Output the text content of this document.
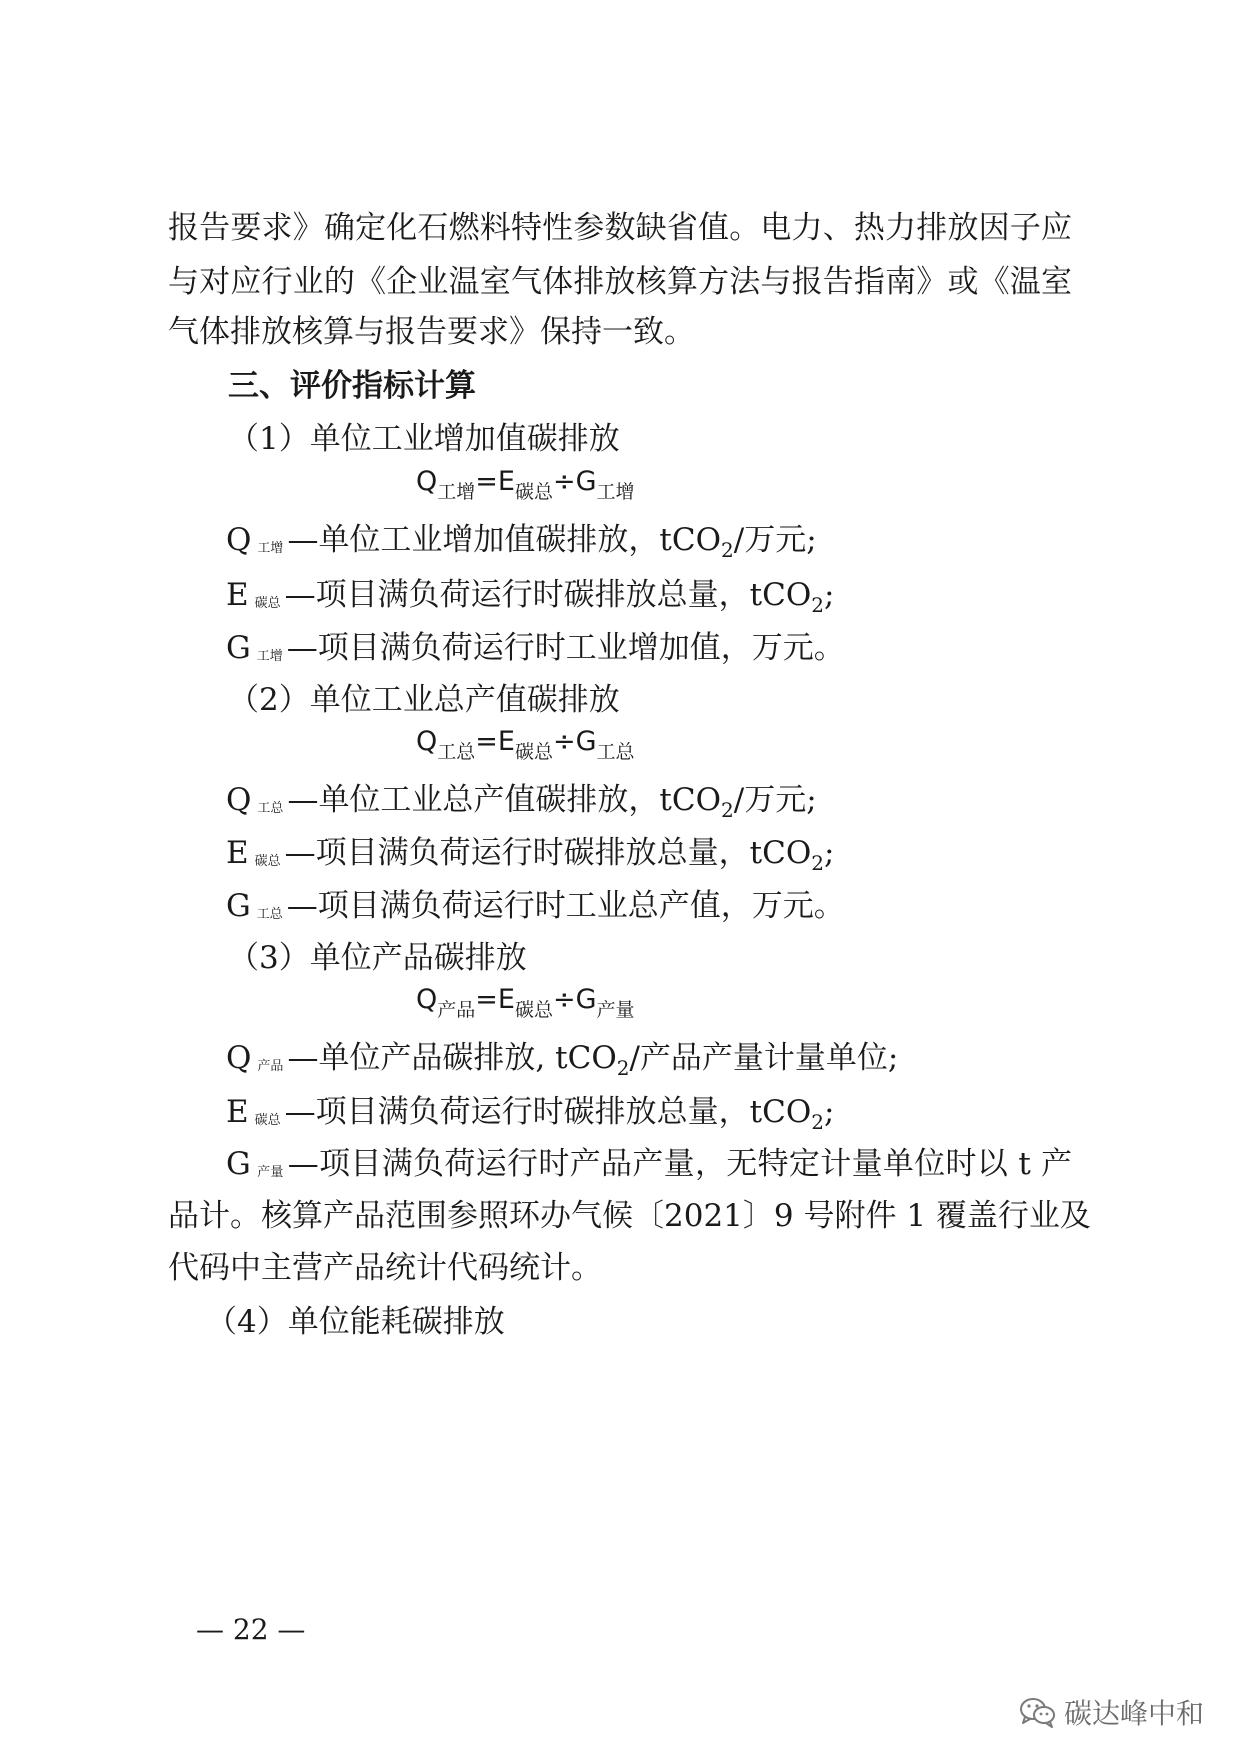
报告要求》确定化石燃料特性参数缺省值。电力、热力排放因子应
与对应行业的《企业温室气体排放核算方法与报告指南》或《温室
气体排放核算与报告要求》保持一致。
三、评价指标计算
（1）单位工业增加值碳排放
$Q_{工增}=E_{碳总}\div G_{工增}$
Q工增 —单位工业增加值碳排放，tCO$_2$/万元;
E碳总 —项目满负荷运行时碳排放总量，tCO$_2$;
G工增 —项目满负荷运行时工业增加值，万元。
（2）单位工业总产值碳排放
$Q_{工总}=E_{碳总}\div G_{工总}$
Q工总 —单位工业总产值碳排放，tCO$_2$/万元;
E碳总 —项目满负荷运行时碳排放总量，tCO$_2$;
G工总 —项目满负荷运行时工业总产值，万元。
（3）单位产品碳排放
$Q_{产品}=E_{碳总}\div G_{产量}$
Q产品 —单位产品碳排放, tCO$_2$/产品产量计量单位;
E碳总 —项目满负荷运行时碳排放总量，tCO$_2$;
G产量 —项目满负荷运行时产品产量，无特定计量单位时以 t 产
品计。核算产品范围参照环办气候〔2021〕9 号附件 1 覆盖行业及
代码中主营产品统计代码统计。
（4）单位能耗碳排放
— 22 —
碳达峰中和
